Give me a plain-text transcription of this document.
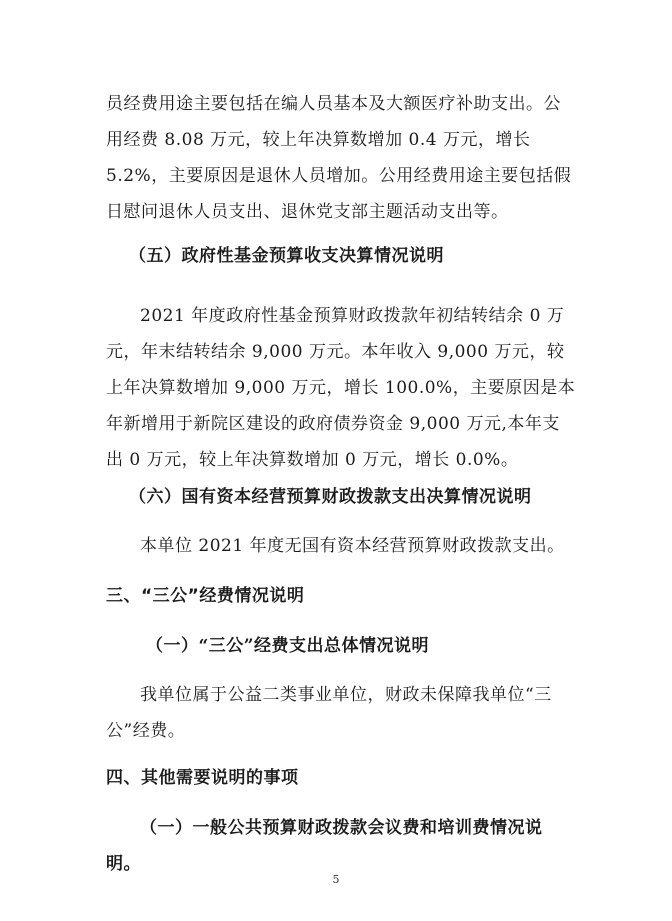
员经费用途主要包括在编人员基本及大额医疗补助支出。公用经费 8.08 万元，较上年决算数增加 0.4 万元，增长 5.2%，主要原因是退休人员增加。公用经费用途主要包括假日慰问退休人员支出、退休党支部主题活动支出等。
（五）政府性基金预算收支决算情况说明
2021 年度政府性基金预算财政拨款年初结转结余 0 万元，年末结转结余 9,000 万元。本年收入 9,000 万元，较上年决算数增加 9,000 万元，增长 100.0%，主要原因是本年新增用于新院区建设的政府债券资金 9,000 万元,本年支出 0 万元，较上年决算数增加 0 万元，增长 0.0%。
（六）国有资本经营预算财政拨款支出决算情况说明
本单位 2021 年度无国有资本经营预算财政拨款支出。
三、“三公”经费情况说明
（一）“三公”经费支出总体情况说明
我单位属于公益二类事业单位，财政未保障我单位“三公”经费。
四、其他需要说明的事项
（一）一般公共预算财政拨款会议费和培训费情况说明。
5
